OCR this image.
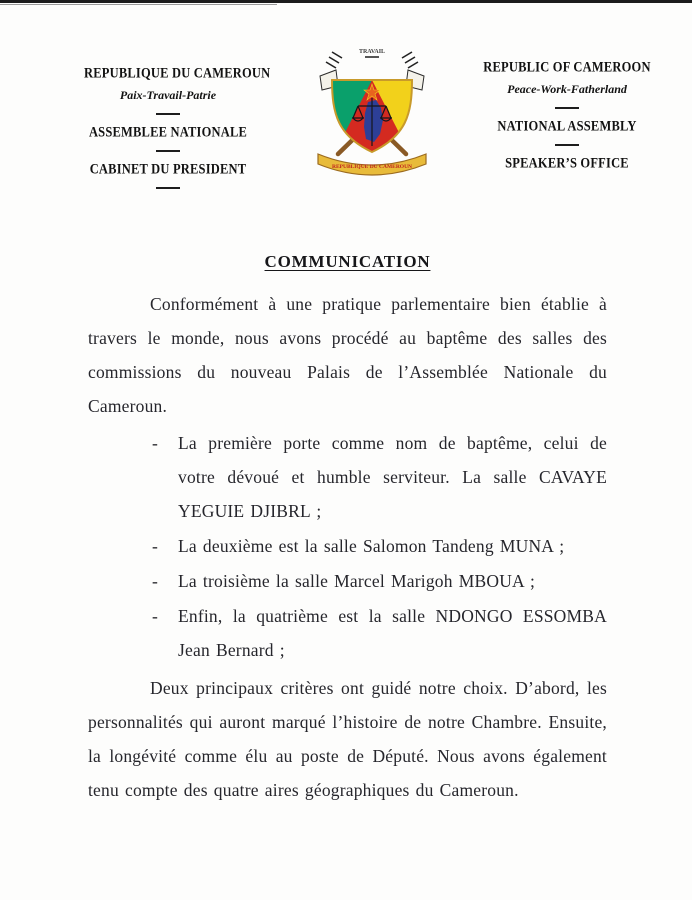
REPUBLIQUE DU CAMEROUN
Paix-Travail-Patrie
ASSEMBLEE NATIONALE
CABINET DU PRESIDENT
TRAVAIL
REPUBLIQUE DU CAMEROUN
REPUBLIC OF CAMEROON
Peace-Work-Fatherland
NATIONAL ASSEMBLY
SPEAKER’S OFFICE
COMMUNICATION

Conformément à une pratique parlementaire bien établie à travers le monde, nous avons procédé au baptême des salles des commissions du nouveau Palais de l’Assemblée Nationale du Cameroun.

- La première porte comme nom de baptême, celui de votre dévoué et humble serviteur. La salle CAVAYE YEGUIE DJIBRL ;
- La deuxième est la salle Salomon Tandeng MUNA ;
- La troisième la salle Marcel Marigoh MBOUA ;
- Enfin, la quatrième est la salle NDONGO ESSOMBA Jean Bernard ;

Deux principaux critères ont guidé notre choix. D’abord, les personnalités qui auront marqué l’histoire de notre Chambre. Ensuite, la longévité comme élu au poste de Député. Nous avons également tenu compte des quatre aires géographiques du Cameroun.
